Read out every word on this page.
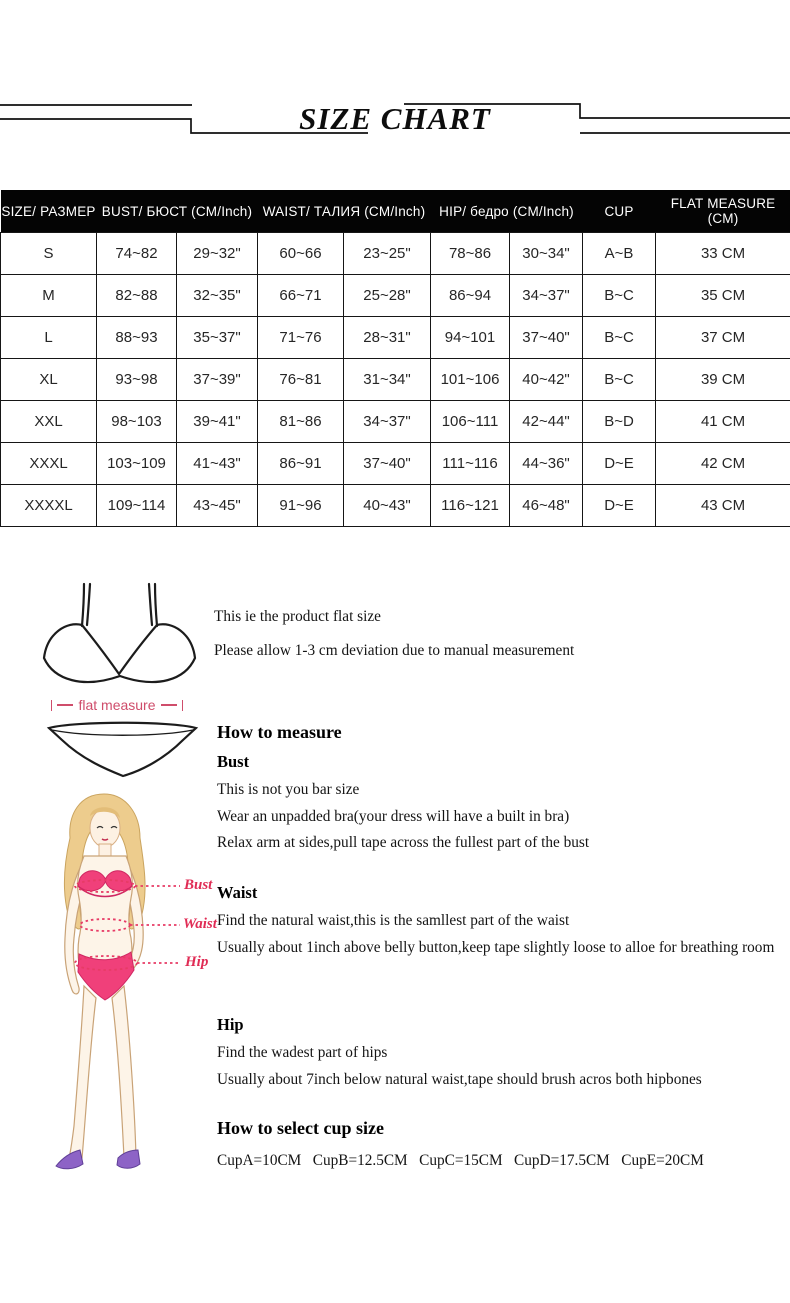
SIZE CHART
SIZE/ РАЗМЕР	BUST/ БЮСТ (CM/Inch)		WAIST/ ТАЛИЯ (CM/Inch)		HIP/ бедро (CM/Inch)		CUP	FLAT MEASURE (CM)
S	74~82	29~32"	60~66	23~25"	78~86	30~34"	A~B	33 CM
M	82~88	32~35"	66~71	25~28"	86~94	34~37"	B~C	35 CM
L	88~93	35~37"	71~76	28~31"	94~101	37~40"	B~C	37 CM
XL	93~98	37~39"	76~81	31~34"	101~106	40~42"	B~C	39 CM
XXL	98~103	39~41"	81~86	34~37"	106~111	42~44"	B~D	41 CM
XXXL	103~109	41~43"	86~91	37~40"	111~116	44~36"	D~E	42 CM
XXXXL	109~114	43~45"	91~96	40~43"	116~121	46~48"	D~E	43 CM
flat measure
Bust
Waist
Hip

This ie the product flat size

Please allow 1-3 cm deviation due to manual measurement

How to measure
Bust

This is not you bar size

Wear an unpadded bra(your dress will have a built in bra)

Relax arm at sides,pull tape across the fullest part of the bust

Waist

Find the natural waist,this is the samllest part of the waist

Usually about 1inch above belly button,keep tape slightly loose to alloe for breathing room

Hip

Find the wadest part of hips

Usually about 7inch below natural waist,tape should brush acros both hipbones

How to select cup size

CupA=10CM   CupB=12.5CM   CupC=15CM   CupD=17.5CM   CupE=20CM
